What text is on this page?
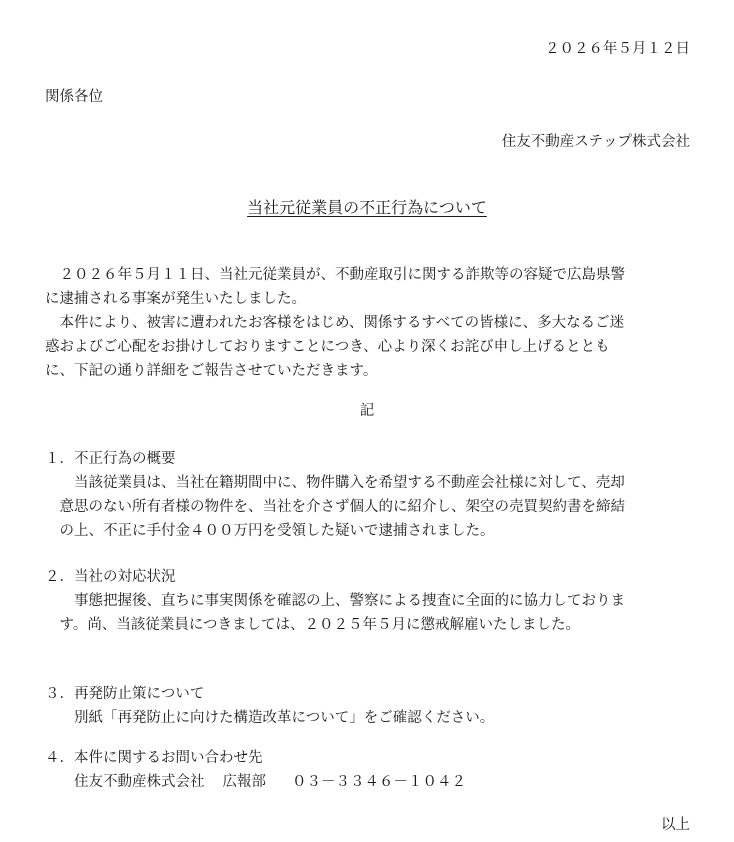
２０２６年５月１２日
関係各位
住友不動産ステップ株式会社
当社元従業員の不正行為について
　２０２６年５月１１日、当社元従業員が、不動産取引に関する詐欺等の容疑で広島県警
に逮捕される事案が発生いたしました。
　本件により、被害に遭われたお客様をはじめ、関係するすべての皆様に、多大なるご迷
惑およびご心配をお掛けしておりますことにつき、心より深くお詫び申し上げるととも
に、下記の通り詳細をご報告させていただきます。
記
１．不正行為の概要
　　当該従業員は、当社在籍期間中に、物件購入を希望する不動産会社様に対して、売却
　意思のない所有者様の物件を、当社を介さず個人的に紹介し、架空の売買契約書を締結
　の上、不正に手付金４００万円を受領した疑いで逮捕されました。
２．当社の対応状況
　　事態把握後、直ちに事実関係を確認の上、警察による捜査に全面的に協力しておりま
　す。尚、当該従業員につきましては、２０２５年５月に懲戒解雇いたしました。
３．再発防止策について
　　別紙「再発防止に向けた構造改革について」をご確認ください。
４．本件に関するお問い合わせ先
　　住友不動産株式会社 広報部 ０３－３３４６－１０４２
以上
